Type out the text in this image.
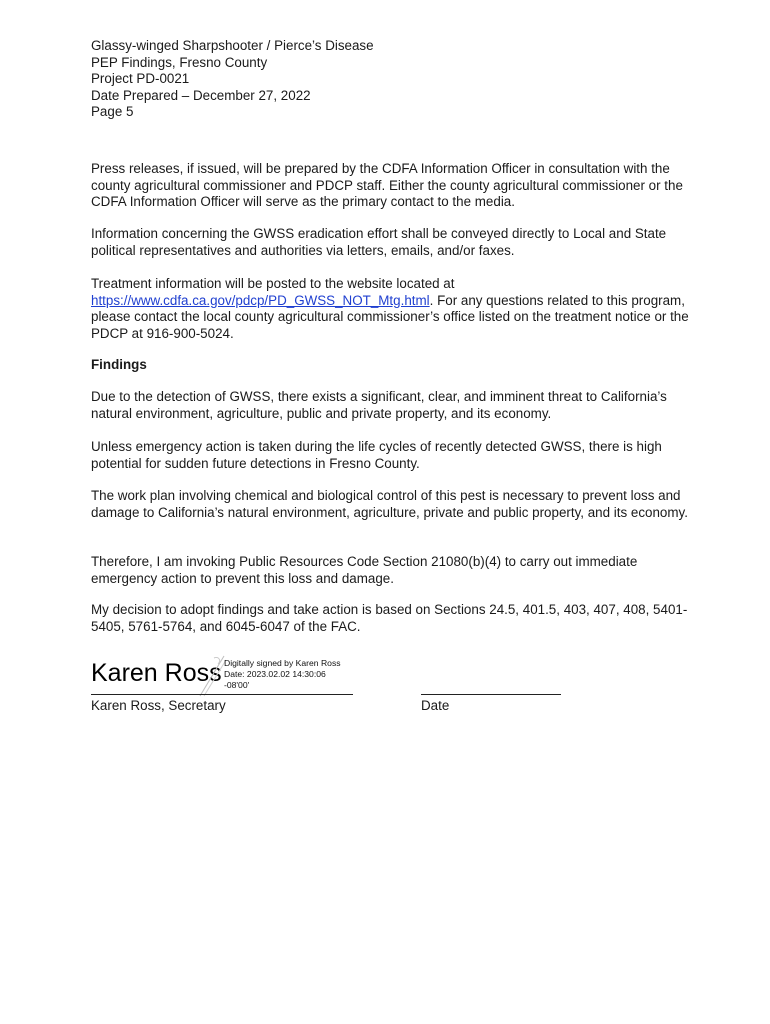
Glassy-winged Sharpshooter / Pierce’s Disease
PEP Findings, Fresno County
Project PD-0021
Date Prepared – December 27, 2022
Page 5

Press releases, if issued, will be prepared by the CDFA Information Officer in consultation with the county agricultural commissioner and PDCP staff. Either the county agricultural commissioner or the CDFA Information Officer will serve as the primary contact to the media.

Information concerning the GWSS eradication effort shall be conveyed directly to Local and State political representatives and authorities via letters, emails, and/or faxes.

Treatment information will be posted to the website located at
https://www.cdfa.ca.gov/pdcp/PD_GWSS_NOT_Mtg.html. For any questions related to this program, please contact the local county agricultural commissioner’s office listed on the treatment notice or the PDCP at 916-900-5024.

Findings

Due to the detection of GWSS, there exists a significant, clear, and imminent threat to California’s natural environment, agriculture, public and private property, and its economy.

Unless emergency action is taken during the life cycles of recently detected GWSS, there is high potential for sudden future detections in Fresno County.

The work plan involving chemical and biological control of this pest is necessary to prevent loss and damage to California’s natural environment, agriculture, private and public property, and its economy.

Therefore, I am invoking Public Resources Code Section 21080(b)(4) to carry out immediate emergency action to prevent this loss and damage.

My decision to adopt findings and take action is based on Sections 24.5, 401.5, 403, 407, 408, 5401-5405, 5761-5764, and 6045-6047 of the FAC.

Karen Ross Digitally signed by Karen Ross
Date: 2023.02.02 14:30:06
-08'00'
Karen Ross, Secretary	Date
